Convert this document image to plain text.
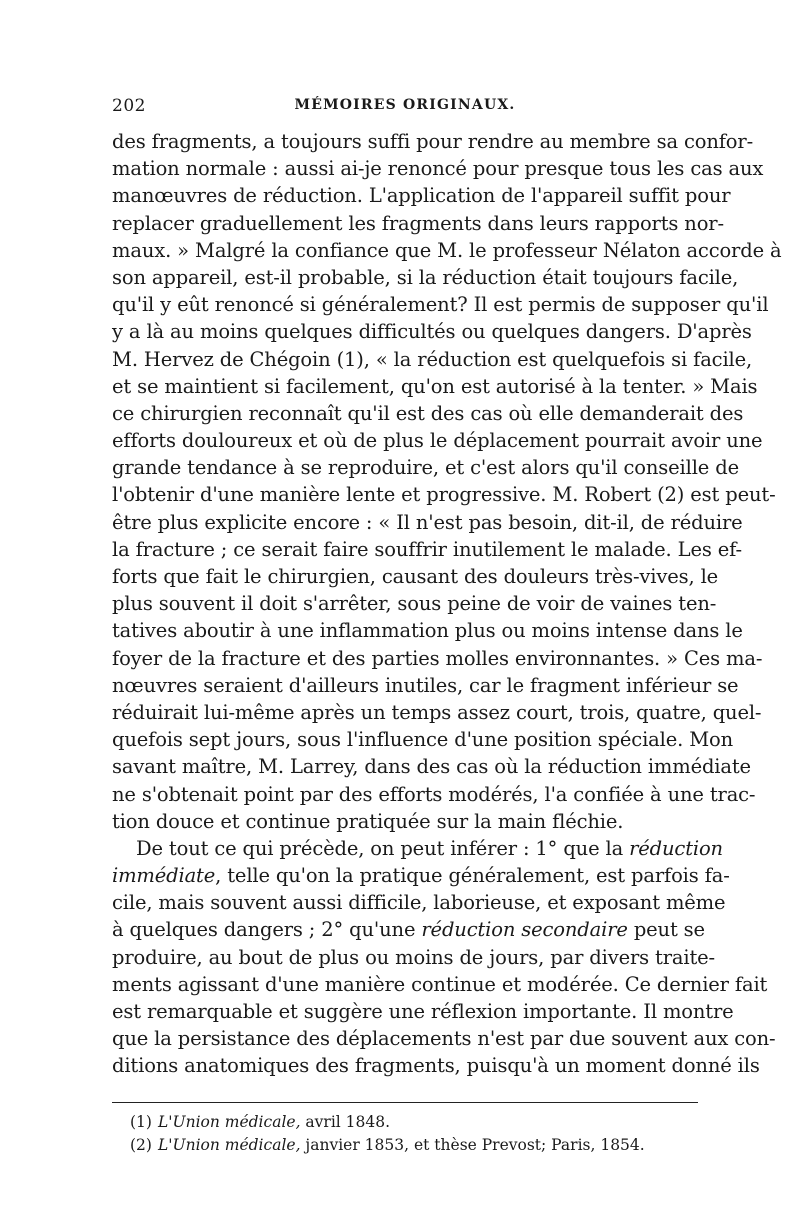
202	MÉMOIRES ORIGINAUX.
des fragments, a toujours suffi pour rendre au membre sa confor-
mation normale : aussi ai-je renoncé pour presque tous les cas aux
manœuvres de réduction. L'application de l'appareil suffit pour
replacer graduellement les fragments dans leurs rapports nor-
maux. » Malgré la confiance que M. le professeur Nélaton accorde à
son appareil, est-il probable, si la réduction était toujours facile,
qu'il y eût renoncé si généralement? Il est permis de supposer qu'il
y a là au moins quelques difficultés ou quelques dangers. D'après
M. Hervez de Chégoin (1), « la réduction est quelquefois si facile,
et se maintient si facilement, qu'on est autorisé à la tenter. » Mais
ce chirurgien reconnaît qu'il est des cas où elle demanderait des
efforts douloureux et où de plus le déplacement pourrait avoir une
grande tendance à se reproduire, et c'est alors qu'il conseille de
l'obtenir d'une manière lente et progressive. M. Robert (2) est peut-
être plus explicite encore : « Il n'est pas besoin, dit-il, de réduire
la fracture ; ce serait faire souffrir inutilement le malade. Les ef-
forts que fait le chirurgien, causant des douleurs très-vives, le
plus souvent il doit s'arrêter, sous peine de voir de vaines ten-
tatives aboutir à une inflammation plus ou moins intense dans le
foyer de la fracture et des parties molles environnantes. » Ces ma-
nœuvres seraient d'ailleurs inutiles, car le fragment inférieur se
réduirait lui-même après un temps assez court, trois, quatre, quel-
quefois sept jours, sous l'influence d'une position spéciale. Mon
savant maître, M. Larrey, dans des cas où la réduction immédiate
ne s'obtenait point par des efforts modérés, l'a confiée à une trac-
tion douce et continue pratiquée sur la main fléchie.
De tout ce qui précède, on peut inférer : 1° que la réduction
immédiate, telle qu'on la pratique généralement, est parfois fa-
cile, mais souvent aussi difficile, laborieuse, et exposant même
à quelques dangers ; 2° qu'une réduction secondaire peut se
produire, au bout de plus ou moins de jours, par divers traite-
ments agissant d'une manière continue et modérée. Ce dernier fait
est remarquable et suggère une réflexion importante. Il montre
que la persistance des déplacements n'est par due souvent aux con-
ditions anatomiques des fragments, puisqu'à un moment donné ils
(1) L'Union médicale, avril 1848.
(2) L'Union médicale, janvier 1853, et thèse Prevost; Paris, 1854.
